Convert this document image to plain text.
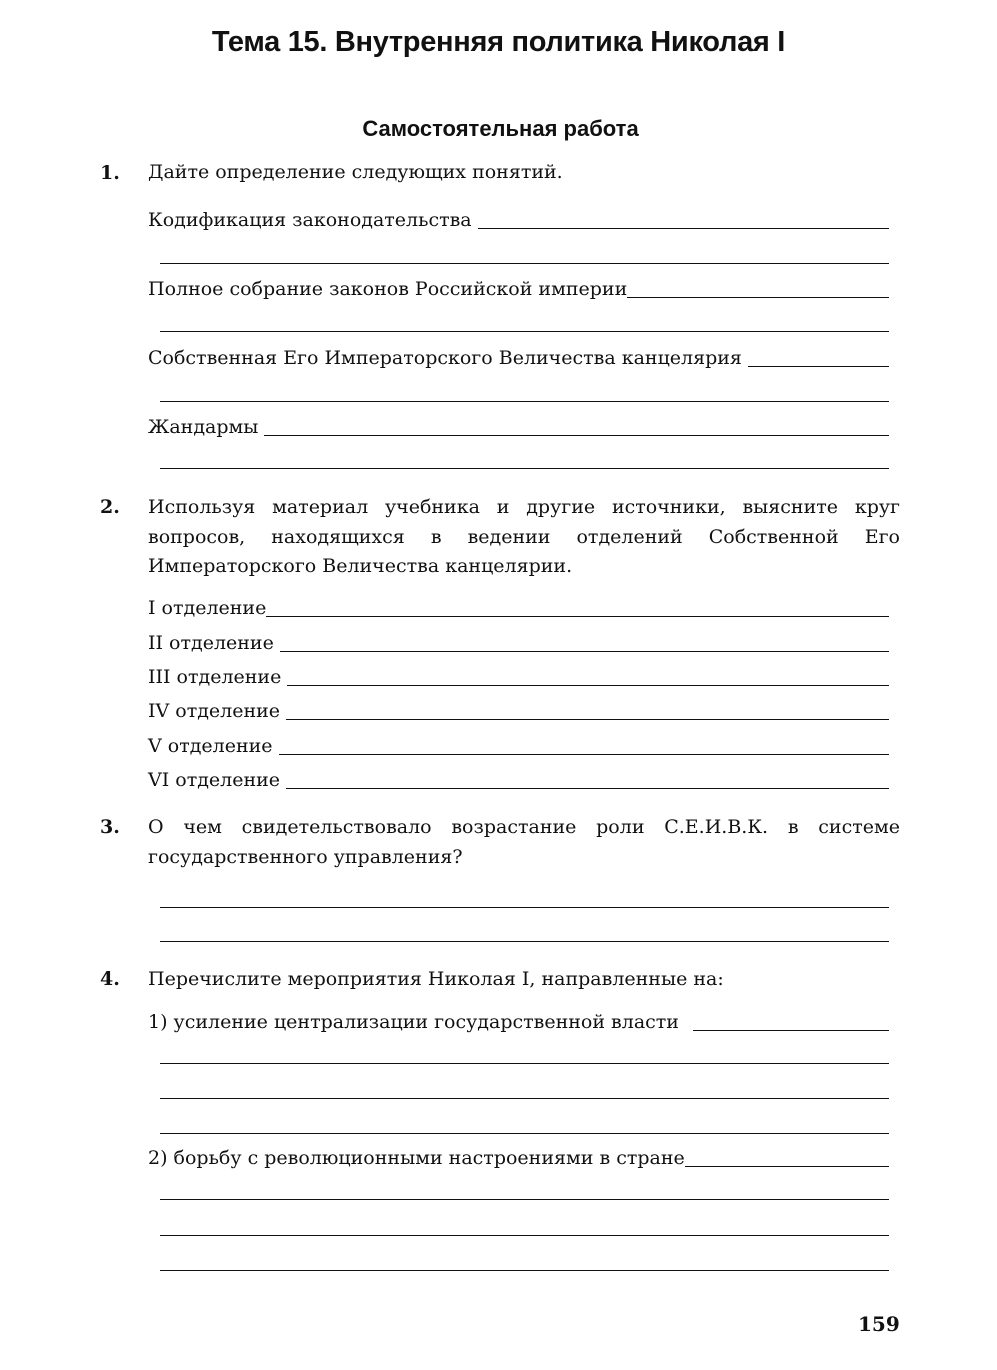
Тема 15. Внутренняя политика Николая I
Самостоятельная работа
1. Дайте определение следующих понятий.
Кодификация законодательства
Полное собрание законов Российской империи
Собственная Его Императорского Величества канцелярия
Жандармы
2. Используя материал учебника и другие источники, выясните круг вопросов, находящихся в ведении отделений Собственной Его Императорского Величества канцелярии.
I отделение
II отделение
III отделение
IV отделение
V отделение
VI отделение
3. О чем свидетельствовало возрастание роли С.Е.И.В.К. в системе государственного управления?
4. Перечислите мероприятия Николая I, направленные на:
1) усиление централизации государственной власти
2) борьбу с революционными настроениями в стране
159
